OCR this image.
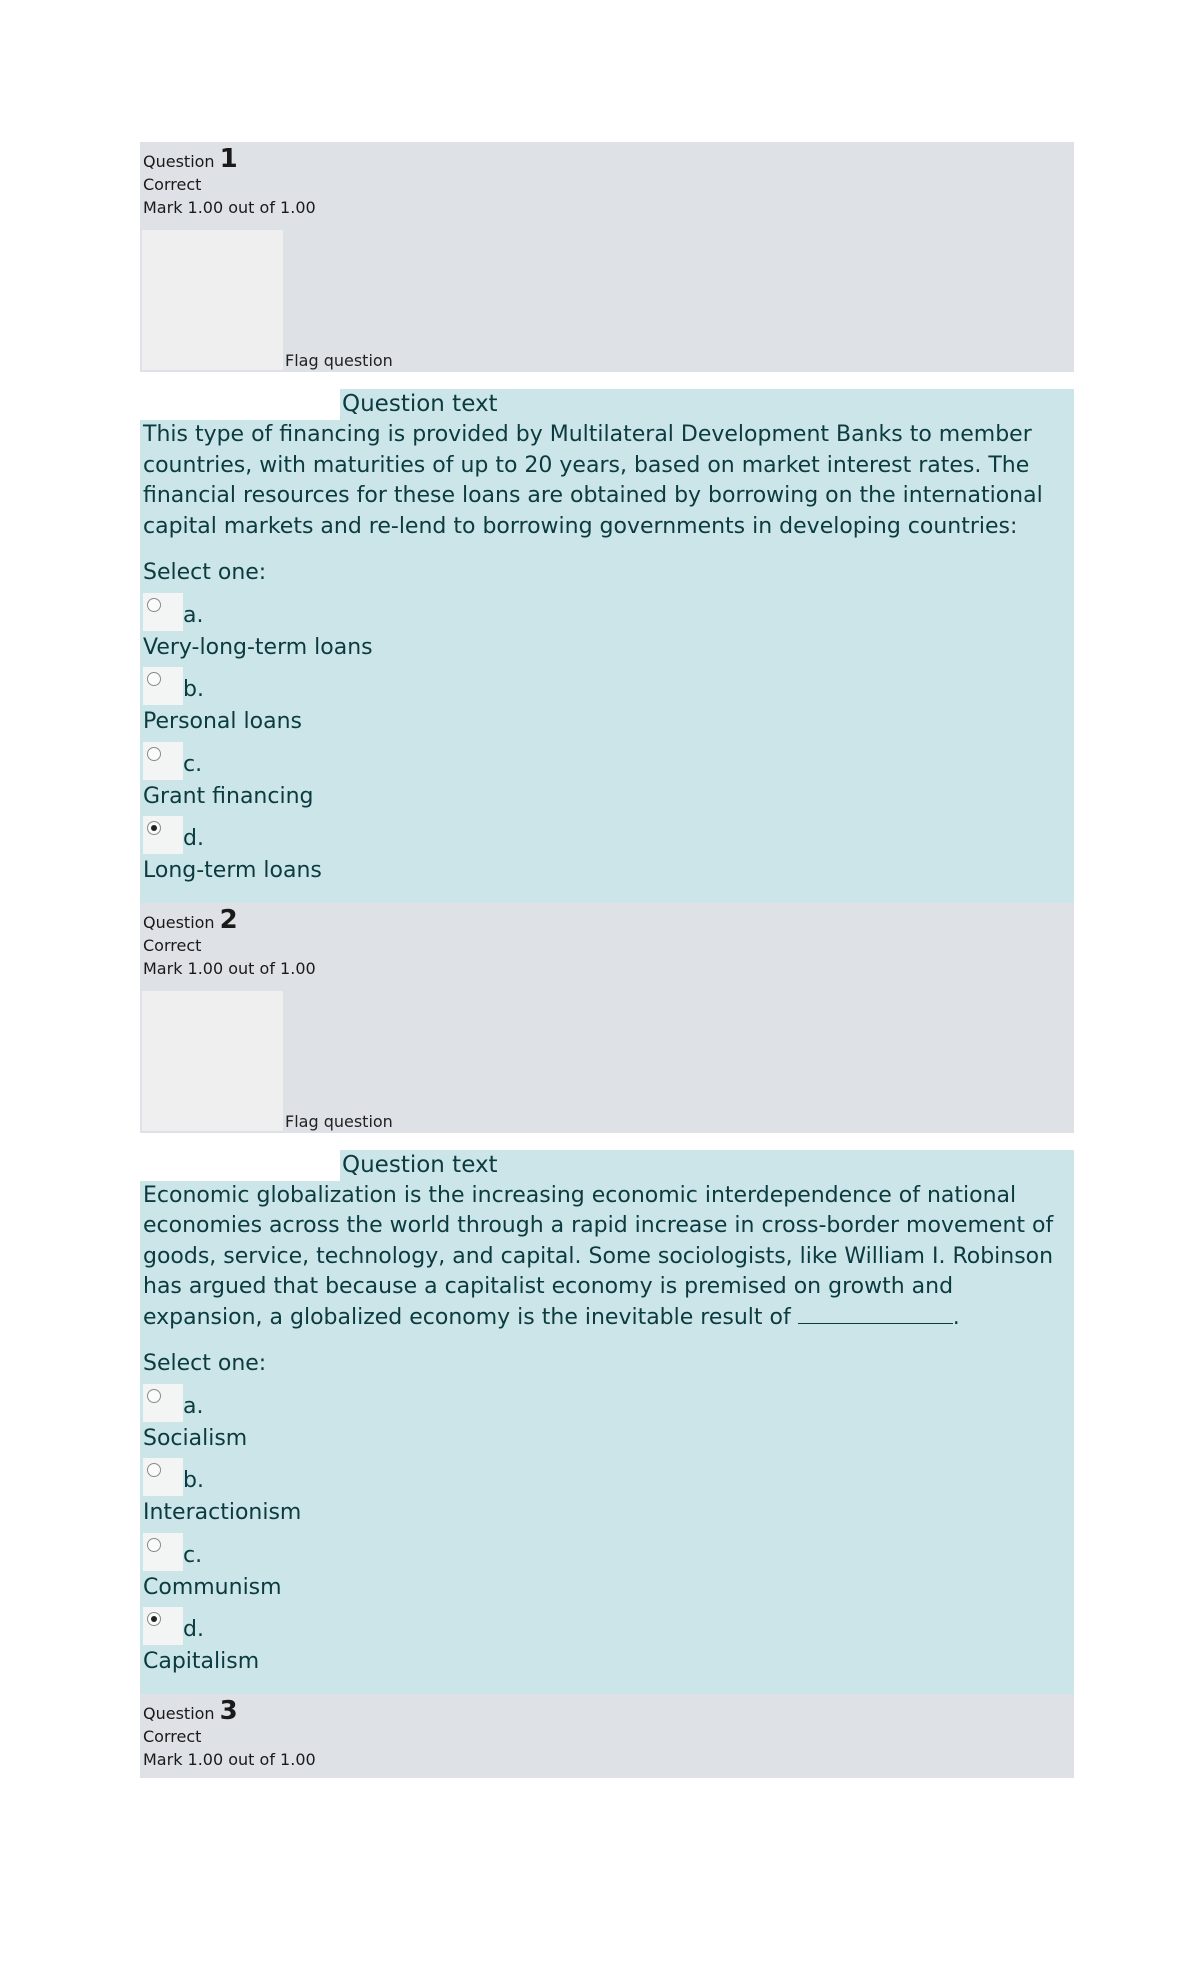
Question 1
Correct
Mark 1.00 out of 1.00
Flag question
Question text

This type of financing is provided by Multilateral Development Banks to member countries, with maturities of up to 20 years, based on market interest rates. The financial resources for these loans are obtained by borrowing on the international capital markets and re-lend to borrowing governments in developing countries:

Select one:
a.
Very-long-term loans
b.
Personal loans
c.
Grant financing
d.
Long-term loans
Question 2
Correct
Mark 1.00 out of 1.00
Flag question
Question text

Economic globalization is the increasing economic interdependence of national economies across the world through a rapid increase in cross-border movement of goods, service, technology, and capital. Some sociologists, like William I. Robinson has argued that because a capitalist economy is premised on growth and expansion, a globalized economy is the inevitable result of	.

Select one:
a.
Socialism
b.
Interactionism
c.
Communism
d.
Capitalism
Question 3
Correct
Mark 1.00 out of 1.00
